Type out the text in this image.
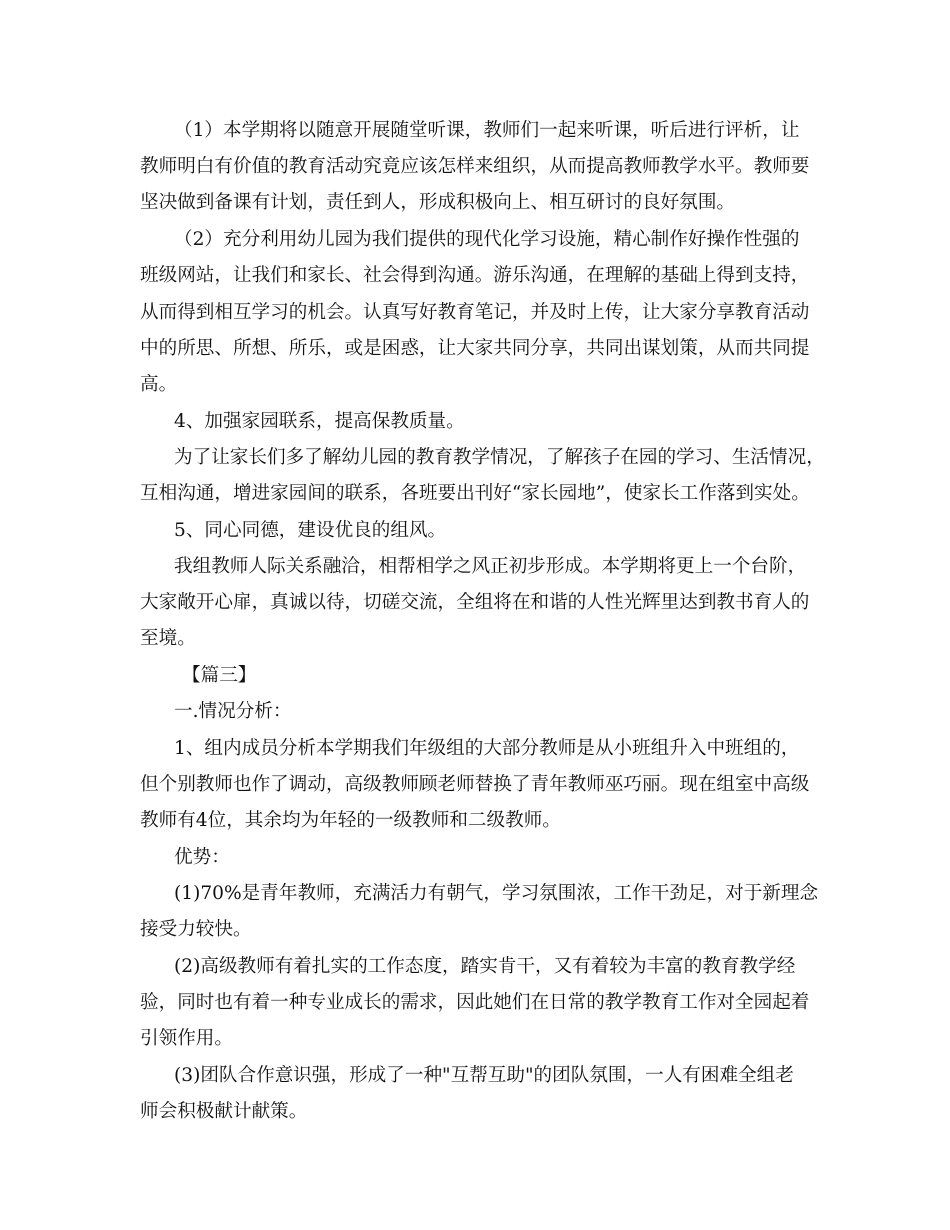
（1）本学期将以随意开展随堂听课，教师们一起来听课，听后进行评析，让
教师明白有价值的教育活动究竟应该怎样来组织，从而提高教师教学水平。教师要
坚决做到备课有计划，责任到人，形成积极向上、相互研讨的良好氛围。
（2）充分利用幼儿园为我们提供的现代化学习设施，精心制作好操作性强的
班级网站，让我们和家长、社会得到沟通。游乐沟通，在理解的基础上得到支持，
从而得到相互学习的机会。认真写好教育笔记，并及时上传，让大家分享教育活动
中的所思、所想、所乐，或是困惑，让大家共同分享，共同出谋划策，从而共同提
高。
4、加强家园联系，提高保教质量。
为了让家长们多了解幼儿园的教育教学情况，了解孩子在园的学习、生活情况，
互相沟通，增进家园间的联系，各班要出刊好“家长园地”，使家长工作落到实处。
5、同心同德，建设优良的组风。
我组教师人际关系融洽，相帮相学之风正初步形成。本学期将更上一个台阶，
大家敞开心扉，真诚以待，切磋交流，全组将在和谐的人性光辉里达到教书育人的
至境。
【篇三】
一.情况分析：
1、组内成员分析本学期我们年级组的大部分教师是从小班组升入中班组的，
但个别教师也作了调动，高级教师顾老师替换了青年教师巫巧丽。现在组室中高级
教师有4位，其余均为年轻的一级教师和二级教师。
优势：
(1)70%是青年教师，充满活力有朝气，学习氛围浓，工作干劲足，对于新理念
接受力较快。
(2)高级教师有着扎实的工作态度，踏实肯干，又有着较为丰富的教育教学经
验，同时也有着一种专业成长的需求，因此她们在日常的教学教育工作对全园起着
引领作用。
(3)团队合作意识强，形成了一种"互帮互助"的团队氛围，一人有困难全组老
师会积极献计献策。
